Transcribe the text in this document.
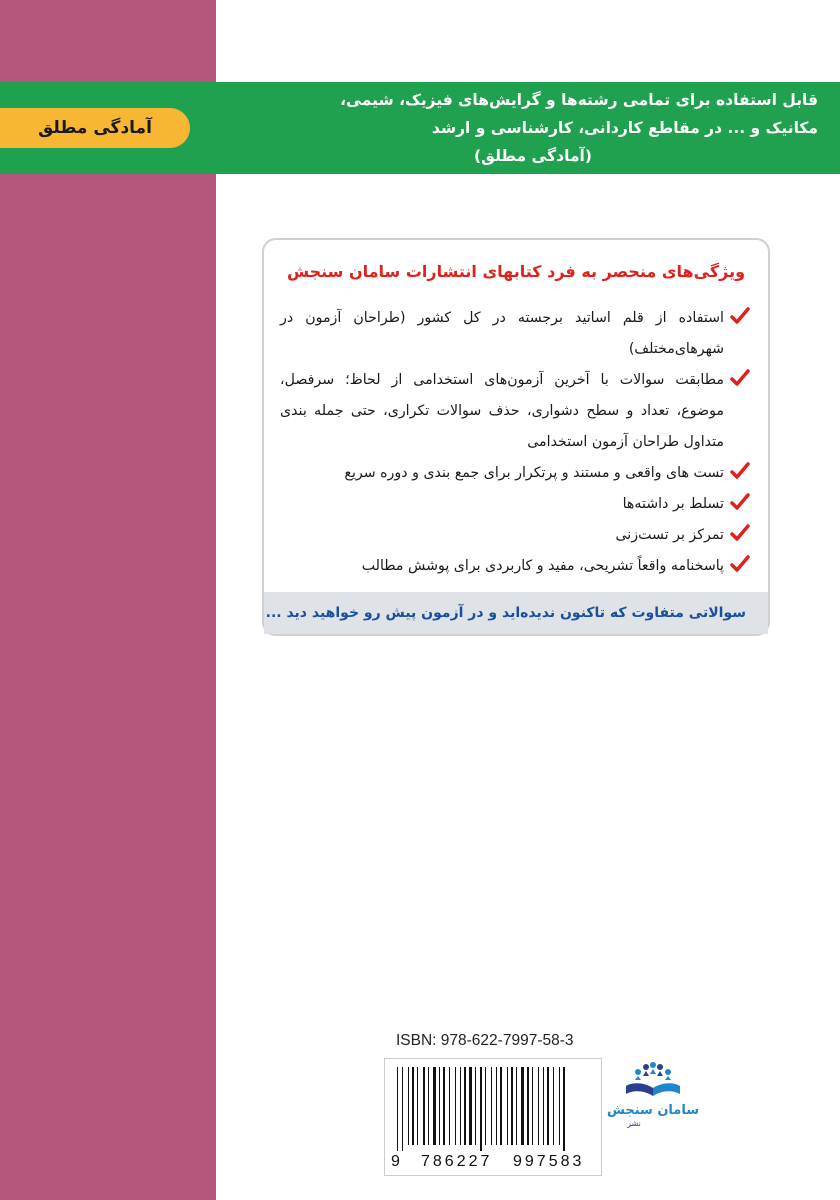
قابل استفاده برای تمامی رشته‌ها و گرایش‌های فیزیک، شیمی،
مکانیک و ... در مقاطع کاردانی، کارشناسی و ارشد
(آمادگی مطلق)
آمادگی مطلق
ویژگی‌های منحصر به فرد کتابهای انتشارات سامان سنجش
استفاده از قلم اساتید برجسته در کل کشور (طراحان آزمون در شهرهای‌مختلف)
مطابقت سوالات با آخرین آزمون‌های استخدامی از لحاظ؛ سرفصل، موضوع، تعداد و سطح دشواری، حذف سوالات تکراری، حتی جمله بندی متداول طراحان آزمون استخدامی
تست های واقعی و مستند و پرتکرار برای جمع بندی و دوره سریع
تسلط بر داشته‌ها
تمرکز بر تست‌زنی
پاسخنامه واقعاً تشریحی، مفید و کاربردی برای پوشش مطالب
سوالاتی متفاوت که تاکنون ندیده‌اید و در آزمون پیش رو خواهید دید ...
ISBN: 978-622-7997-58-3
9 786227 997583
سامان سنجش
نشر
